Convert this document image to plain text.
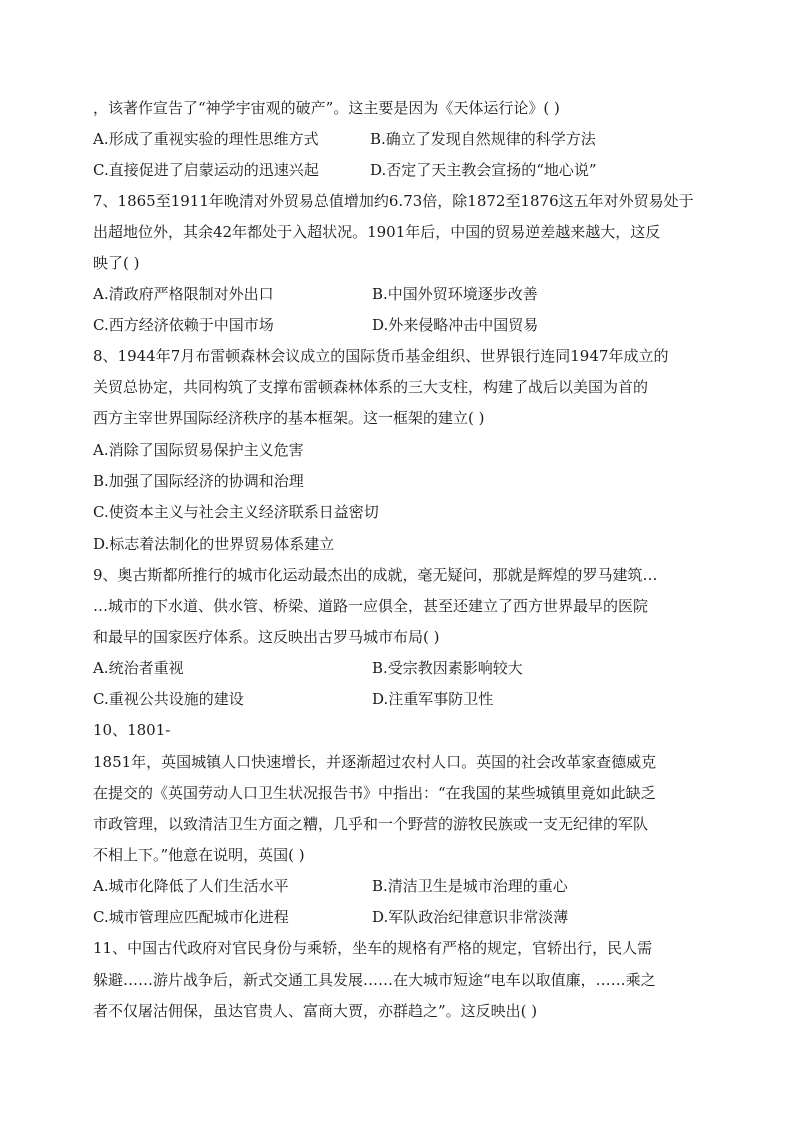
，该著作宣告了“神学宇宙观的破产”。这主要是因为《天体运行论》( )
A.形成了重视实验的理性思维方式	B.确立了发现自然规律的科学方法
C.直接促进了启蒙运动的迅速兴起	D.否定了天主教会宣扬的“地心说”
7、1865至1911年晚清对外贸易总值增加约6.73倍，除1872至1876这五年对外贸易处于
出超地位外，其余42年都处于入超状况。1901年后，中国的贸易逆差越来越大，这反
映了( )
A.清政府严格限制对外出口	B.中国外贸环境逐步改善
C.西方经济依赖于中国市场	D.外来侵略冲击中国贸易
8、1944年7月布雷顿森林会议成立的国际货币基金组织、世界银行连同1947年成立的
关贸总协定，共同构筑了支撑布雷顿森林体系的三大支柱，构建了战后以美国为首的
西方主宰世界国际经济秩序的基本框架。这一框架的建立( )
A.消除了国际贸易保护主义危害
B.加强了国际经济的协调和治理
C.使资本主义与社会主义经济联系日益密切
D.标志着法制化的世界贸易体系建立
9、奥古斯都所推行的城市化运动最杰出的成就，毫无疑问，那就是辉煌的罗马建筑…
…城市的下水道、供水管、桥梁、道路一应俱全，甚至还建立了西方世界最早的医院
和最早的国家医疗体系。这反映出古罗马城市布局( )
A.统治者重视	B.受宗教因素影响较大
C.重视公共设施的建设	D.注重军事防卫性
10、1801-
1851年，英国城镇人口快速增长，并逐渐超过农村人口。英国的社会改革家查德威克
在提交的《英国劳动人口卫生状况报告书》中指出：“在我国的某些城镇里竟如此缺乏
市政管理，以致清洁卫生方面之糟，几乎和一个野营的游牧民族或一支无纪律的军队
不相上下。”他意在说明，英国( )
A.城市化降低了人们生活水平	B.清洁卫生是城市治理的重心
C.城市管理应匹配城市化进程	D.军队政治纪律意识非常淡薄
11、中国古代政府对官民身份与乘轿，坐车的规格有严格的规定，官轿出行，民人需
躲避……游片战争后，新式交通工具发展……在大城市短途“电车以取值廉，……乘之
者不仅屠沽佣保，虽达官贵人、富商大贾，亦群趋之”。这反映出( )
